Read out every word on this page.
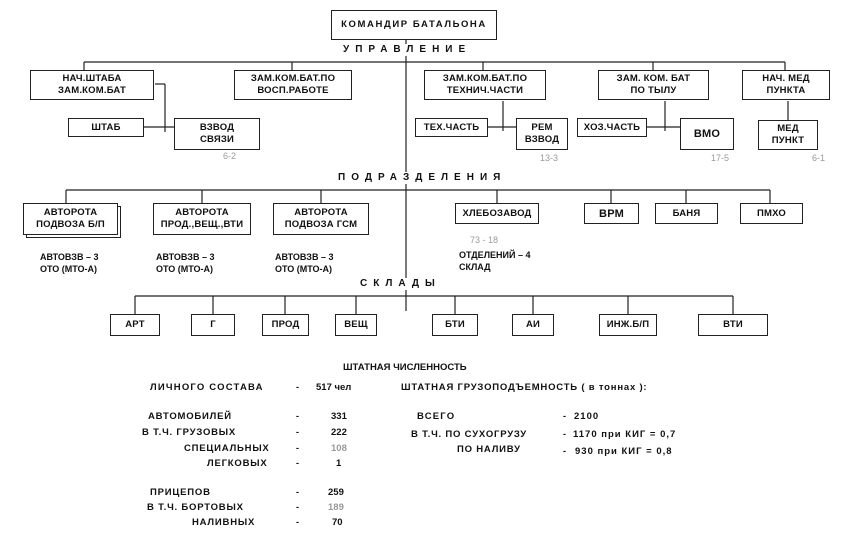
КОМАНДИР БАТАЛЬОНА
УПРАВЛЕНИЕ
НАЧ.ШТАБА
ЗАМ.КОМ.БАТ
ЗАМ.КОМ.БАТ.ПО
ВОСП.РАБОТЕ
ЗАМ.КОМ.БАТ.ПО
ТЕХНИЧ.ЧАСТИ
ЗАМ. КОМ. БАТ
ПО ТЫЛУ
НАЧ. МЕД
ПУНКТА
ШТАБ	ВЗВОД
СВЯЗИ
6-2
ТЕХ.ЧАСТЬ	РЕМ
ВЗВОД
13-3
ХОЗ.ЧАСТЬ
ВМО
17-5
МЕД
ПУНКТ
6-1
ПОДРАЗДЕЛЕНИЯ
АВТОРОТА
ПОДВОЗА Б/П
АВТОРОТА
ПРОД.,ВЕЩ.,ВТИ
АВТОРОТА
ПОДВОЗА ГСМ
ХЛЕБОЗАВОД	ВРМ	БАНЯ	ПМХО
АВТОВЗВ – 3
ОТО (МТО-А)
АВТОВЗВ – 3
ОТО (МТО-А)
АВТОВЗВ – 3
ОТО (МТО-А)
73 - 18
ОТДЕЛЕНИЙ – 4
СКЛАД
СКЛАДЫ
АРТ	Г	ПРОД	ВЕЩ	БТИ	АИ	ИНЖ.Б/П	ВТИ
ШТАТНАЯ ЧИСЛЕННОСТЬ
ЛИЧНОГО СОСТАВА	- 517 чел	ШТАТНАЯ ГРУЗОПОДЪЕМНОСТЬ ( в тоннах ):
АВТОМОБИЛЕЙ	-	331
В Т.Ч. ГРУЗОВЫХ	-	222
СПЕЦИАЛЬНЫХ	-	108
ЛЕГКОВЫХ	-	1
ВСЕГО	- 2100
В Т.Ч. ПО СУХОГРУЗУ	- 1170 при КИГ = 0,7
ПО НАЛИВУ	- 930 при КИГ = 0,8
ПРИЦЕПОВ	-	259
В Т.Ч. БОРТОВЫХ	-	189
НАЛИВНЫХ	-	70
